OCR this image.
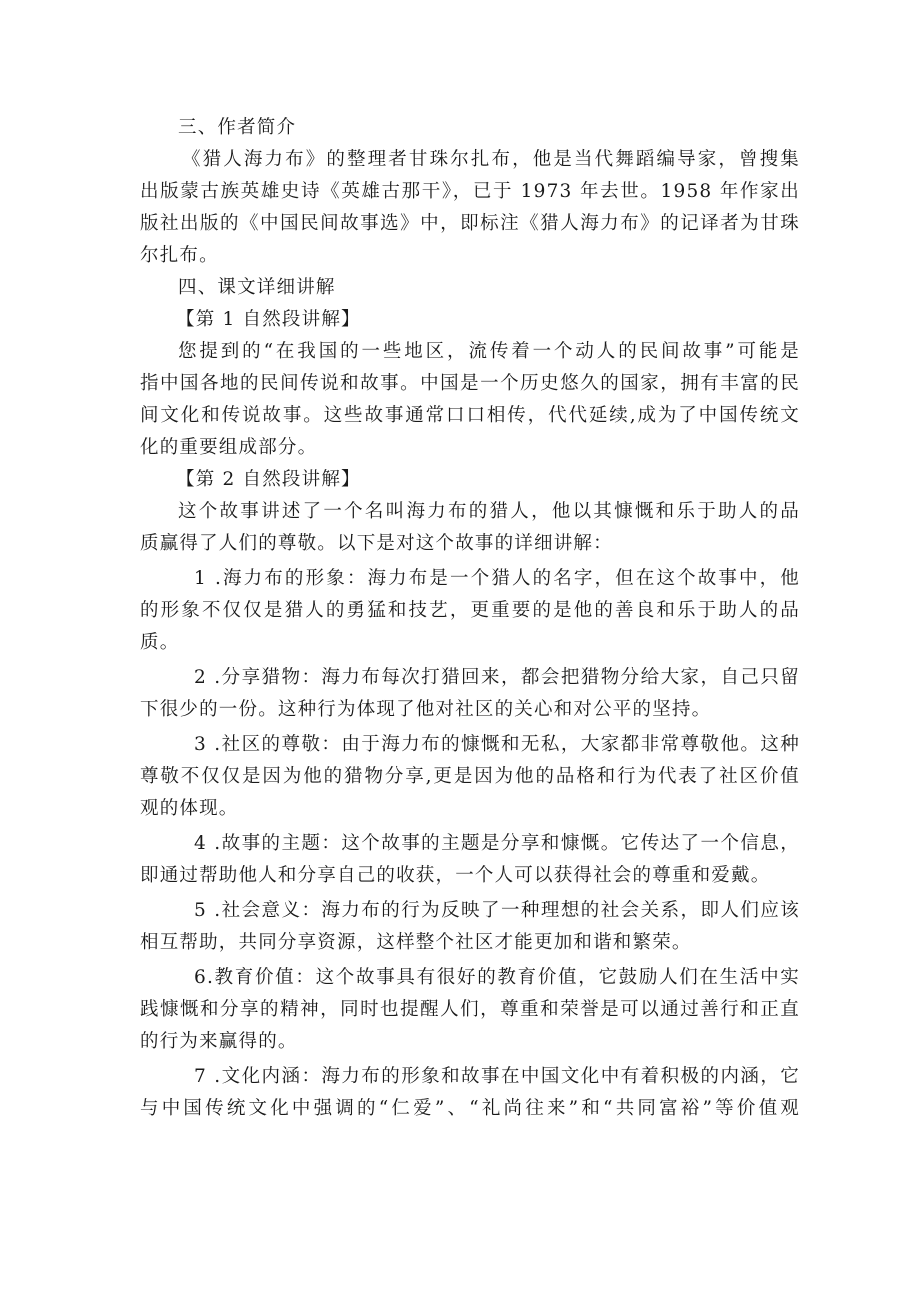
三、作者简介
《猎人海力布》的整理者甘珠尔扎布，他是当代舞蹈编导家，曾搜集
出版蒙古族英雄史诗《英雄古那干》，已于 1973 年去世。1958 年作家出
版社出版的《中国民间故事选》中，即标注《猎人海力布》的记译者为甘珠
尔扎布。
四、课文详细讲解
【第 1 自然段讲解】
您提到的“在我国的一些地区，流传着一个动人的民间故事”可能是
指中国各地的民间传说和故事。中国是一个历史悠久的国家，拥有丰富的民
间文化和传说故事。这些故事通常口口相传，代代延续,成为了中国传统文
化的重要组成部分。
【第 2 自然段讲解】
这个故事讲述了一个名叫海力布的猎人，他以其慷慨和乐于助人的品
质赢得了人们的尊敬。以下是对这个故事的详细讲解：
1 .海力布的形象：海力布是一个猎人的名字，但在这个故事中，他
的形象不仅仅是猎人的勇猛和技艺，更重要的是他的善良和乐于助人的品
质。
2 .分享猎物：海力布每次打猎回来，都会把猎物分给大家，自己只留
下很少的一份。这种行为体现了他对社区的关心和对公平的坚持。
3 .社区的尊敬：由于海力布的慷慨和无私，大家都非常尊敬他。这种
尊敬不仅仅是因为他的猎物分享,更是因为他的品格和行为代表了社区价值
观的体现。
4 .故事的主题：这个故事的主题是分享和慷慨。它传达了一个信息，
即通过帮助他人和分享自己的收获，一个人可以获得社会的尊重和爱戴。
5 .社会意义：海力布的行为反映了一种理想的社会关系，即人们应该
相互帮助，共同分享资源，这样整个社区才能更加和谐和繁荣。
6.教育价值：这个故事具有很好的教育价值，它鼓励人们在生活中实
践慷慨和分享的精神，同时也提醒人们，尊重和荣誉是可以通过善行和正直
的行为来赢得的。
7 .文化内涵：海力布的形象和故事在中国文化中有着积极的内涵，它
与中国传统文化中强调的“仁爱”、“礼尚往来”和“共同富裕”等价值观
